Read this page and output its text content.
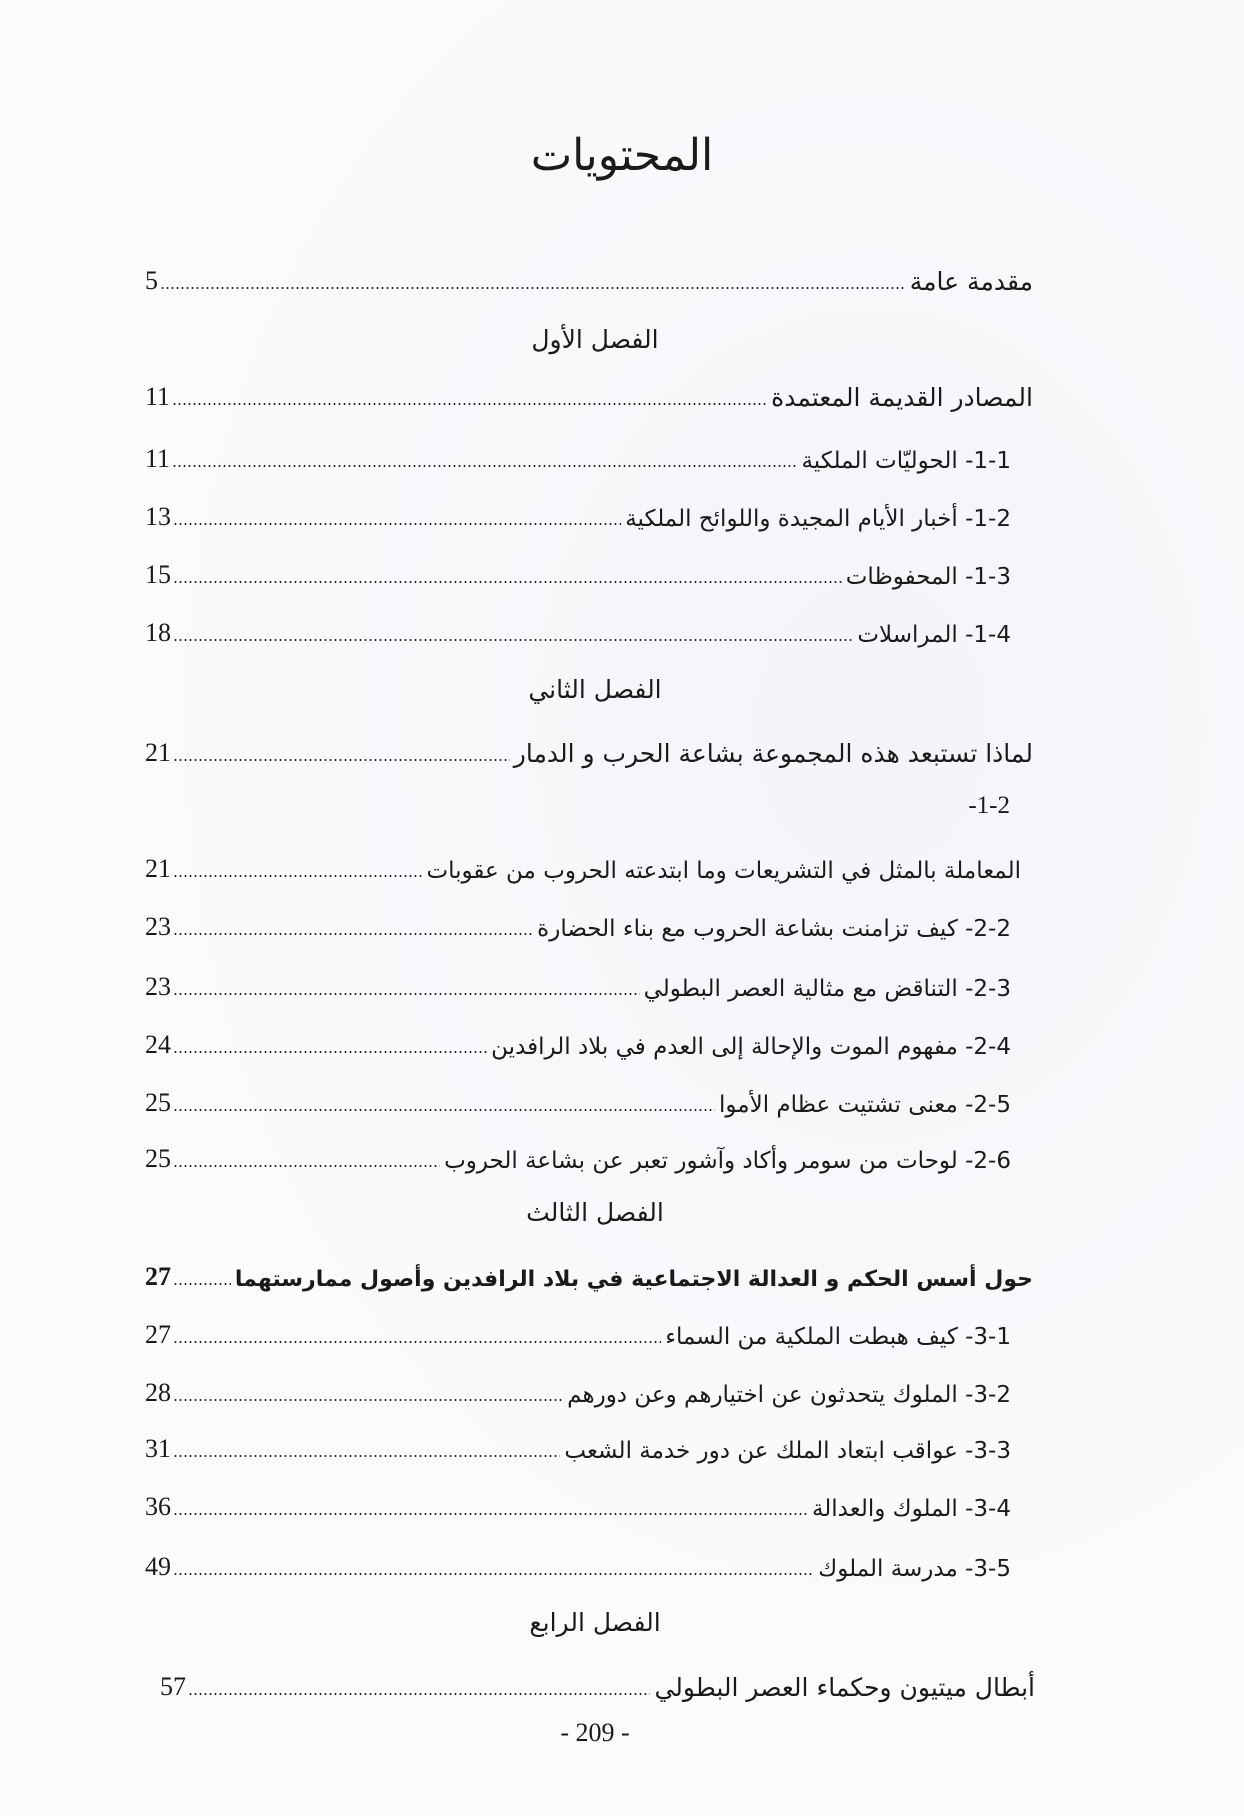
المحتويات
مقدمة عامة
5
الفصل الأول
المصادر القديمة المعتمدة
11
1-1- الحوليّات الملكية
11
1-2- أخبار الأيام المجيدة واللوائح الملكية
13
1-3- المحفوظات
15
1-4- المراسلات
18
الفصل الثاني
لماذا تستبعد هذه المجموعة بشاعة الحرب و الدمار
21
-1-2
المعاملة بالمثل في التشريعات وما ابتدعته الحروب من عقوبات
21
2-2- كيف تزامنت بشاعة الحروب مع بناء الحضارة
23
2-3- التناقض مع مثالية العصر البطولي
23
2-4- مفهوم الموت والإحالة إلى العدم في بلاد الرافدين
24
2-5- معنى تشتيت عظام الأموا
25
2-6- لوحات من سومر وأكاد وآشور تعبر عن بشاعة الحروب
25
الفصل الثالث
حول أسس الحكم و العدالة الاجتماعية في بلاد الرافدين وأصول ممارستهما
27
3-1- كيف هبطت الملكية من السماء
27
3-2- الملوك يتحدثون عن اختيارهم وعن دورهم
28
3-3- عواقب ابتعاد الملك عن دور خدمة الشعب
31
3-4- الملوك والعدالة
36
3-5- مدرسة الملوك
49
الفصل الرابع
أبطال ميتيون وحكماء العصر البطولي
57
- 209 -
